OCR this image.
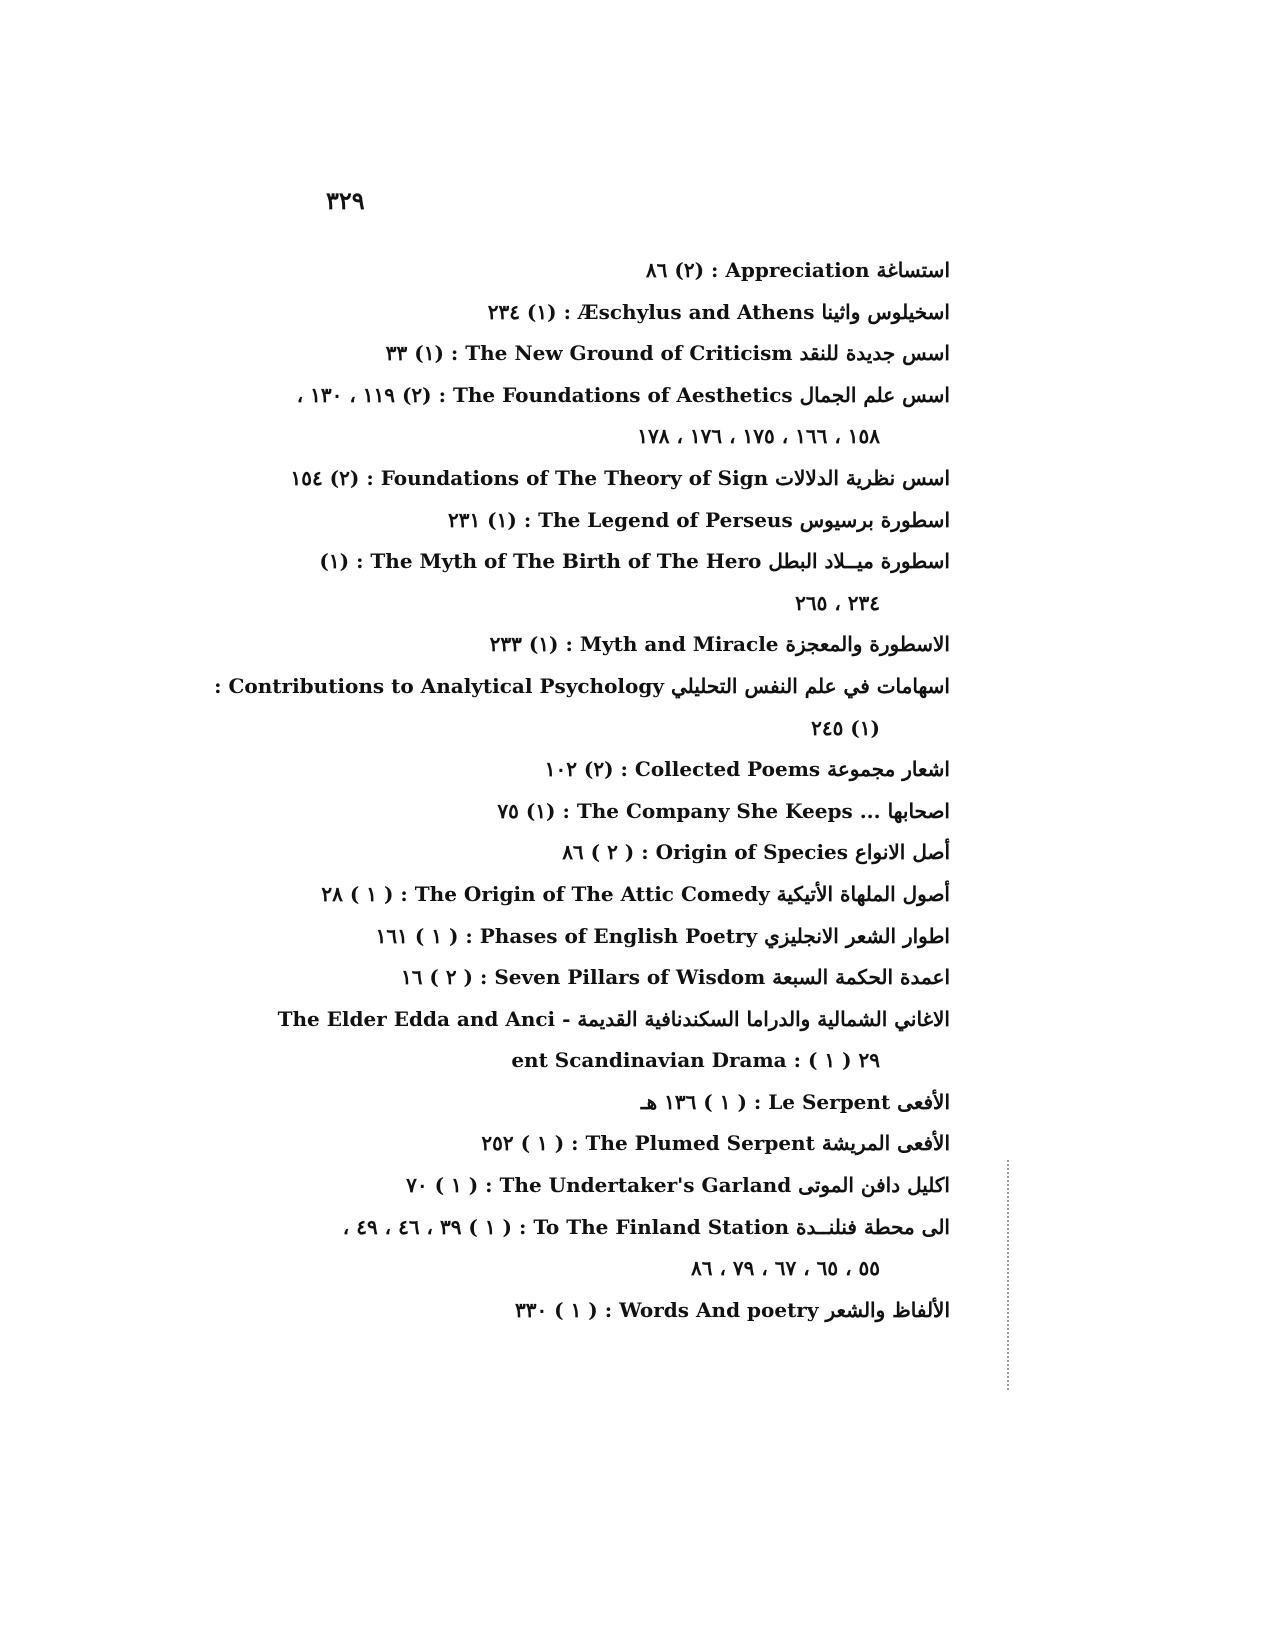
٣٢٩
استساغة Appreciation : (٢) ٨٦
اسخيلوس واثينا Æschylus and Athens : (١) ٢٣٤
اسس جديدة للنقد The New Ground of Criticism : (١) ٣٣
اسس علم الجمال The Foundations of Aesthetics : (٢) ١١٩ ، ١٣٠ ،
١٥٨ ، ١٦٦ ، ١٧٥ ، ١٧٦ ، ١٧٨
اسس نظرية الدلالات Foundations of The Theory of Sign : (٢) ١٥٤
اسطورة برسيوس The Legend of Perseus : (١) ٢٣١
اسطورة ميــلاد البطل The Myth of The Birth of The Hero : (١)
٢٣٤ ، ٢٦٥
الاسطورة والمعجزة Myth and Miracle : (١) ٢٣٣
اسهامات في علم النفس التحليلي Contributions to Analytical Psychology :
(١) ٢٤٥
اشعار مجموعة Collected Poems : (٢) ١٠٢
اصحابها ... The Company She Keeps : (١) ٧٥
أصل الانواع Origin of Species : ( ٢ ) ٨٦
أصول الملهاة الأتيكية The Origin of The Attic Comedy : ( ١ ) ٢٨
اطوار الشعر الانجليزي Phases of English Poetry : ( ١ ) ١٦١
اعمدة الحكمة السبعة Seven Pillars of Wisdom : ( ٢ ) ١٦
الاغاني الشمالية والدراما السكندنافية القديمة - The Elder Edda and Anci
ent Scandinavian Drama : ( ١ ) ٢٩
الأفعى Le Serpent : ( ١ ) ١٣٦ هـ
الأفعى المريشة The Plumed Serpent : ( ١ ) ٢٥٢
اكليل دافن الموتى The Undertaker's Garland : ( ١ ) ٧٠
الى محطة فنلنــدة To The Finland Station : ( ١ ) ٣٩ ، ٤٦ ، ٤٩ ،
٥٥ ، ٦٥ ، ٦٧ ، ٧٩ ، ٨٦
الألفاظ والشعر Words And poetry : ( ١ ) ٣٣٠
